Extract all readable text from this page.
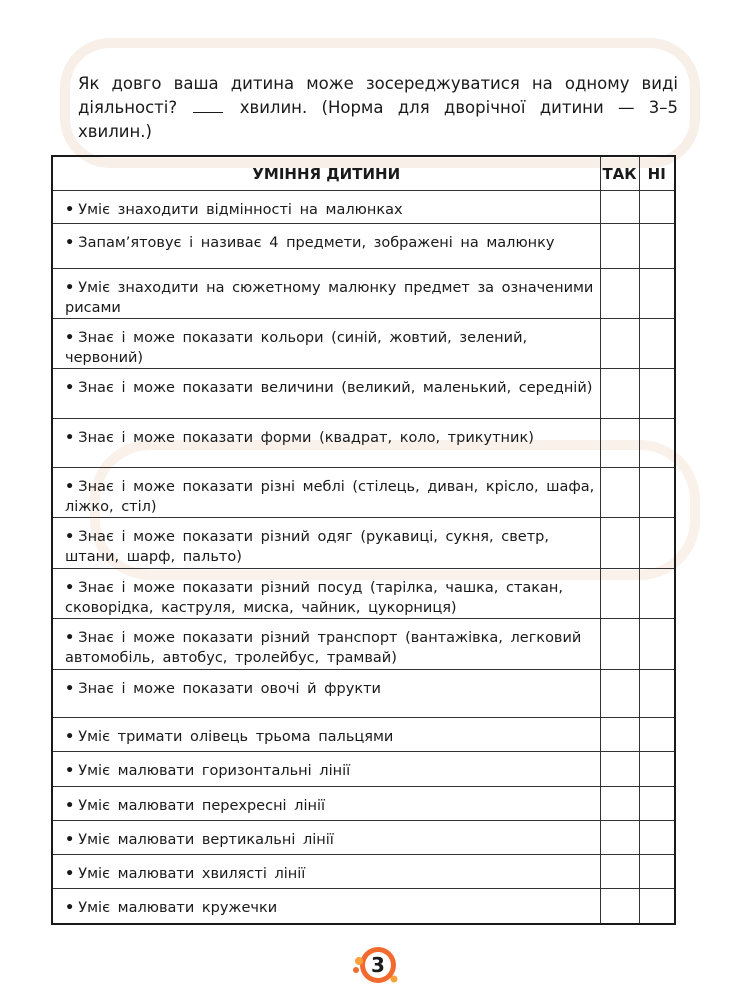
Як довго ваша дитина може зосереджуватися на одному виді діяльності?	хвилин. (Норма для дворічної дитини — 3–5 хвилин.)
УМІННЯ ДИТИНИ	ТАК	НІ
• Уміє знаходити відмінності на малюнках		
• Запам’ятовує і називає 4 предмети, зображені на малюнку		
• Уміє знаходити на сюжетному малюнку предмет за означеними рисами		
• Знає і може показати кольори (синій, жовтий, зелений, червоний)		
• Знає і може показати величини (великий, маленький, середній)		
• Знає і може показати форми (квадрат, коло, трикутник)		
• Знає і може показати різні меблі (стілець, диван, крісло, шафа, ліжко, стіл)		
• Знає і може показати різний одяг (рукавиці, сукня, светр, штани, шарф, пальто)		
• Знає і може показати різний посуд (тарілка, чашка, стакан, сковорідка, каструля, миска, чайник, цукорниця)		
• Знає і може показати різний транспорт (вантажівка, легковий автомобіль, автобус, тролейбус, трамвай)		
• Знає і може показати овочі й фрукти		
• Уміє тримати олівець трьома пальцями		
• Уміє малювати горизонтальні лінії		
• Уміє малювати перехресні лінії		
• Уміє малювати вертикальні лінії		
• Уміє малювати хвилясті лінії		
• Уміє малювати кружечки		
3
